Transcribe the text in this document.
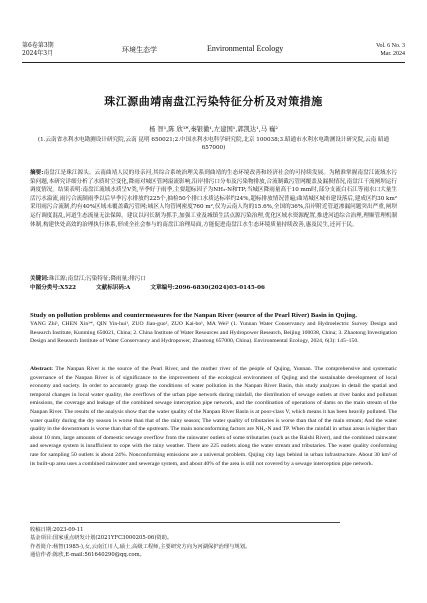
第6卷第3期
2024年3月	环境生态学	Environmental Ecology	Vol. 6 No. 3
Mar. 2024
珠江源曲靖南盘江污染特征分析及对策措施
杨 智¹,陈 欣¹*,秦银徽¹,左建国¹,郭凯达¹,马 巍²
(1.云南省水利水电勘测设计研究院,云南 昆明 650021;2.中国水利水电科学研究院,北京 100038;3.昭通市水利水电勘测设计研究院,云南 昭通 657000)
摘要:南盘江是珠江源头、云南曲靖人民的母亲河,其综合系统治理关系到曲靖的生态环境改善和经济社会的可持续发展。为精准掌握南盘江流域水污染问题,本研究详细分析了水质时空变化,降雨对城区管网溢流影响,沿岸排污口分布及污染物排放,合流制截污管网覆盖及漏损情况,南盘江干流闸坝运行调度情况。结果表明:南盘江流域水质呈V类,旱季好于雨季,主要超标因子为NH₃-N和TP;当城区降雨量高于10 mm时,部分支流白石江等雨水口大量生活污水溢流,雨污合流制雨季以后旱季污水排放约225个,抽检50个排口水质达标率约24%,超标排放情况普遍;曲靖城区城市建设落后,建成区约30 km²采用雨污合流制,约有40%区域未覆盖截污管网;城区人均管网密度760 m²,仅为云南人均的15.6%,全国的36%,沿岸附近管道渗漏问题突出严重,闸坝运行调度混乱,河道生态流量无法保障。建议以河长制为抓手,加强工业及城镇生活点源污染治理,优化区域水资源配置,推进河道综合治理,理顺管理机制体制,构建快处高效的治理执行体系,形成全社会参与的南盘江治理局面,方能促进南盘江水生态环境质量持续改善,惠及民生,还河于民。
关键词:珠江源;南盘江;污染特征;降雨量;排污口
中图分类号:X522	文献标识码:A	文章编号:2096-6830(2024)03-0145-06
Study on pollution problems and countermeasures for the Nanpan River (source of the Pearl River) Basin in Qujing.
YANG Zhi¹, CHEN Xin¹*, QIN Yin-hui¹, ZUO Jian-guo¹, ZUO Kai-bo¹, MA Wei² (1. Yunnan Water Conservancy and Hydroelectric Survey Design and Research Institute, Kunming 650021, China; 2. China Institute of Water Resources and Hydropower Research, Beijing 100038, China; 3. Zhaotong Investigation Design and Research Institute of Water Conservancy and Hydropower, Zhaotong 657000, China). Environmental Ecology, 2024, 6(3): 145–150.
Abstract: The Nanpan River is the source of the Pearl River, and the mother river of the people of Qujing, Yunnan. The comprehensive and systematic governance of the Nanpan River is of significance to the improvement of the ecological environment of Qujing and the sustainable development of local economy and society. In order to accurately grasp the conditions of water pollution in the Nanpan River Basin, this study analyzes in detail the spatial and temporal changes in local water quality, the overflows of the urban pipe network during rainfall, the distribution of sewage outlets at river banks and pollutant emissions, the coverage and leakage of the combined sewage interception pipe network, and the coordination of operations of dams on the main stream of the Nanpan River. The results of the analysis show that the water quality of the Nanpan River Basin is at poor-class V, which means it has been heavily polluted. The water quality during the dry season is worse than that of the rainy season; The water quality of tributaries is worse than that of the main stream; And the water quality in the downstream is worse than that of the upstream. The main nonconforming factors are NH₃-N and TP. When the rainfall in urban areas is higher than about 10 mm, large amounts of domestic sewage overflow from the rainwater outlets of some tributaries (such as the Baishi River), and the combined rainwater and sewerage system is insufficient to cope with the rainy weather. There are 225 outlets along the water stream and tributaries. The water quality conforming rate for sampling 50 outlets is about 24%. Nonconforming emissions are a universal problem. Qujing city lags behind in urban infrastructure. About 30 km² of its built-up area uses a combined rainwater and sewerage system, and about 40% of the area is still not covered by a sewage interception pipe network.
收稿日期:2023-09-11
基金项目:国家重点研发计划(2021YFC3000205-06)资助。
作者简介:杨智(1985-),女,云南江川人,硕士,高级工程师,主要研究方向为河湖保护治理与规划。
通信作者:陈欣,E-mail:561640290@qq.com。
